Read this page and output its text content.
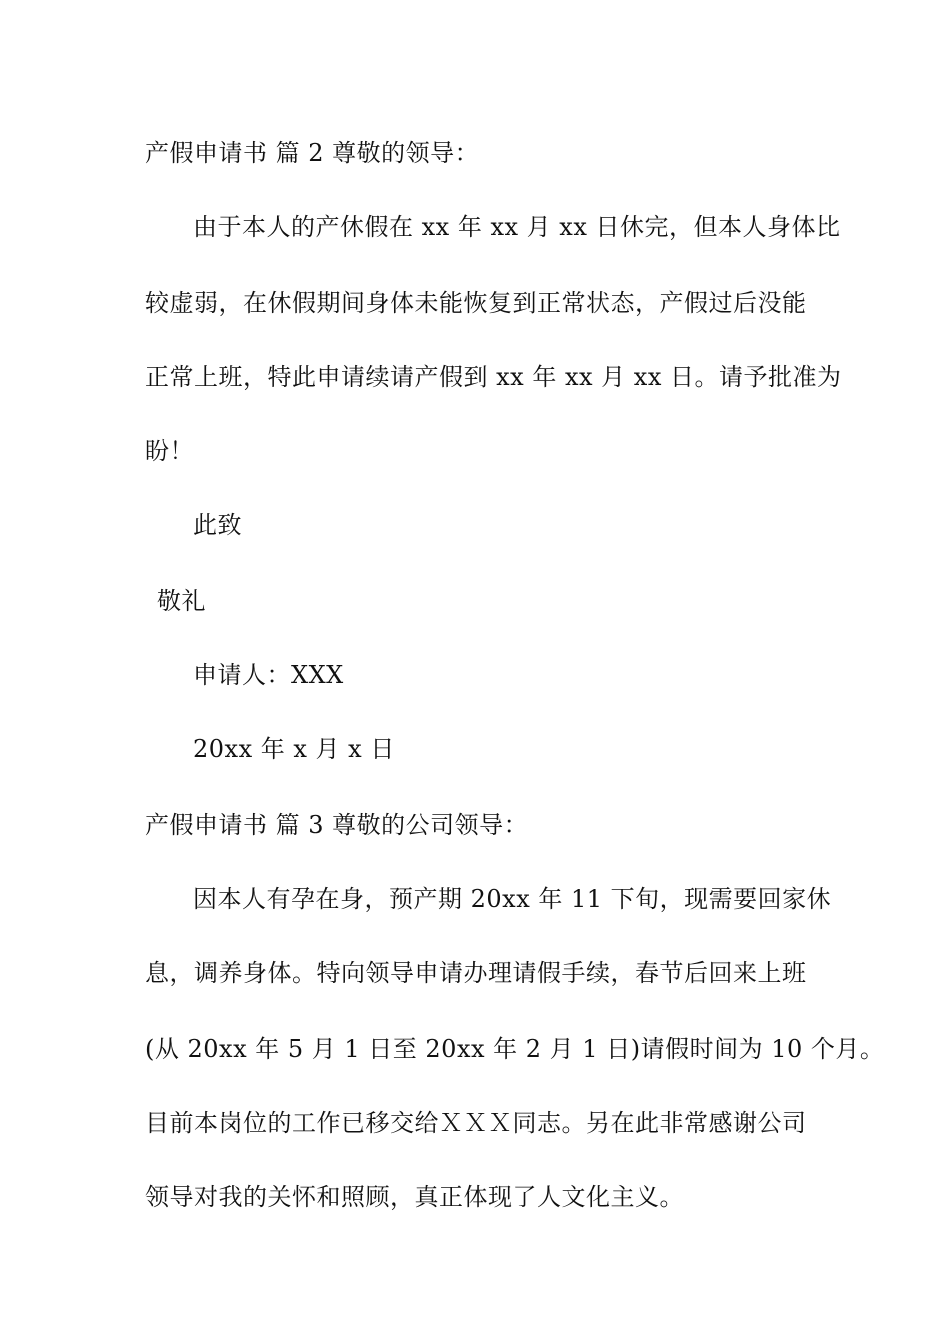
产假申请书 篇 2 尊敬的领导：
由于本人的产休假在 xx 年 xx 月 xx 日休完，但本人身体比
较虚弱，在休假期间身体未能恢复到正常状态，产假过后没能
正常上班，特此申请续请产假到 xx 年 xx 月 xx 日。请予批准为
盼！
此致
敬礼
申请人：XXX
20xx 年 x 月 x 日
产假申请书 篇 3 尊敬的公司领导：
因本人有孕在身，预产期 20xx 年 11 下旬，现需要回家休
息，调养身体。特向领导申请办理请假手续，春节后回来上班
(从 20xx 年 5 月 1 日至 20xx 年 2 月 1 日)请假时间为 10 个月。
目前本岗位的工作已移交给ＸＸＸ同志。另在此非常感谢公司
领导对我的关怀和照顾，真正体现了人文化主义。
